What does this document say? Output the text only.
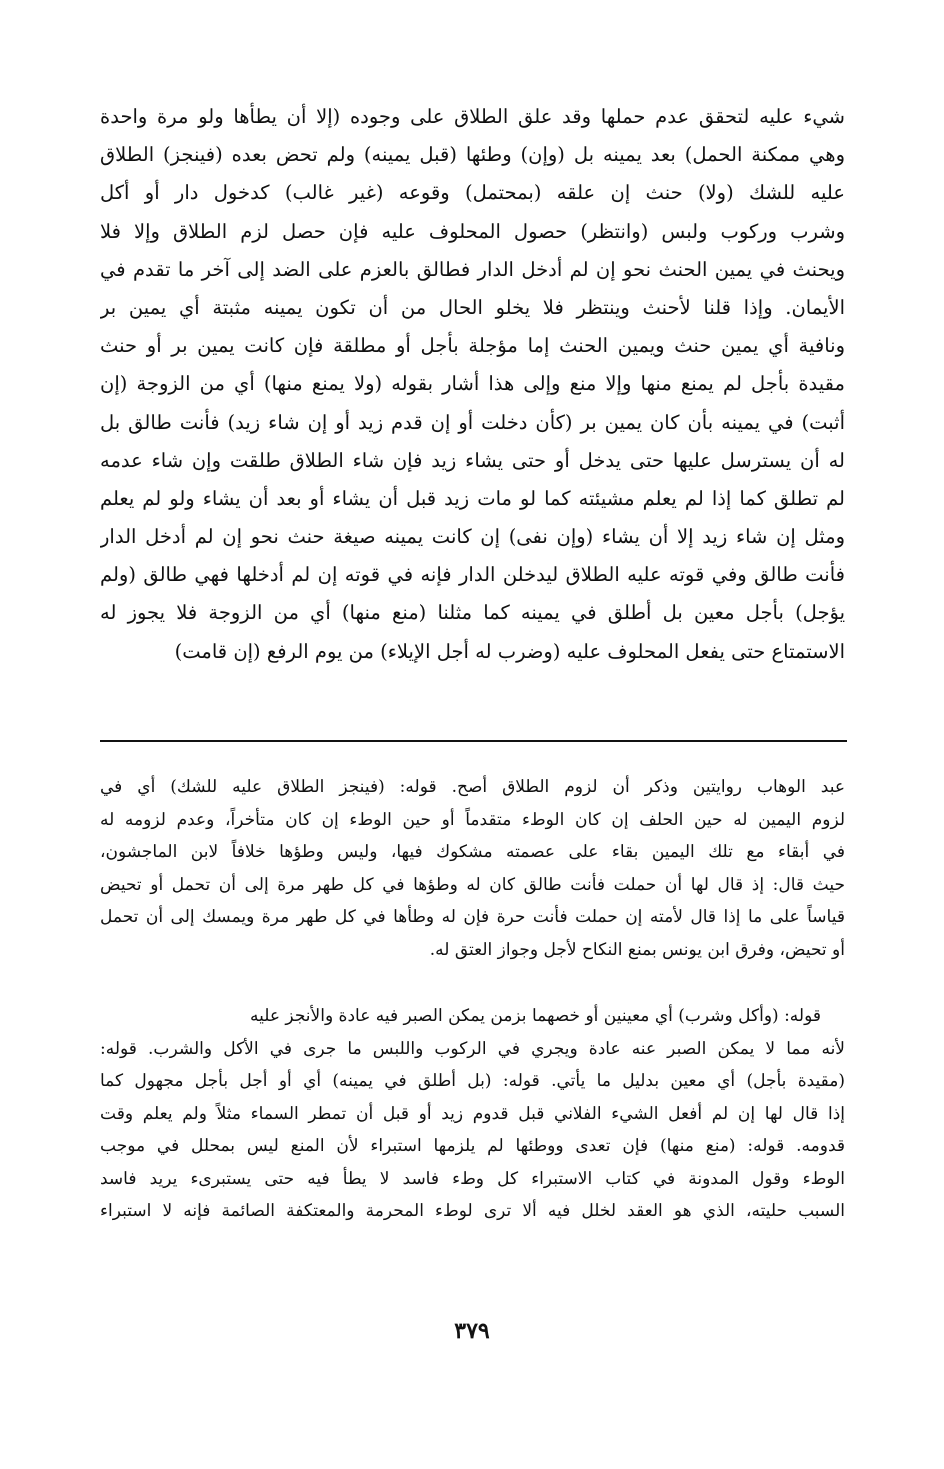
شيء عليه لتحقق عدم حملها وقد علق الطلاق على وجوده (إلا أن يطأها ولو مرة واحدة
وهي ممكنة الحمل) بعد يمينه بل (وإن) وطئها (قبل يمينه) ولم تحض بعده (فينجز) الطلاق
عليه للشك (ولا) حنث إن علقه (بمحتمل) وقوعه (غير غالب) كدخول دار أو أكل
وشرب وركوب ولبس (وانتظر) حصول المحلوف عليه فإن حصل لزم الطلاق وإلا فلا
ويحنث في يمين الحنث نحو إن لم أدخل الدار فطالق بالعزم على الضد إلى آخر ما تقدم في
الأيمان. وإذا قلنا لأحنث وينتظر فلا يخلو الحال من أن تكون يمينه مثبتة أي يمين بر
ونافية أي يمين حنث ويمين الحنث إما مؤجلة بأجل أو مطلقة فإن كانت يمين بر أو حنث
مقيدة بأجل لم يمنع منها وإلا منع وإلى هذا أشار بقوله (ولا يمنع منها) أي من الزوجة (إن
أثبت) في يمينه بأن كان يمين بر (كأن دخلت أو إن قدم زيد أو إن شاء زيد) فأنت طالق بل
له أن يسترسل عليها حتى يدخل أو حتى يشاء زيد فإن شاء الطلاق طلقت وإن شاء عدمه
لم تطلق كما إذا لم يعلم مشيئته كما لو مات زيد قبل أن يشاء أو بعد أن يشاء ولو لم يعلم
ومثل إن شاء زيد إلا أن يشاء (وإن نفى) إن كانت يمينه صيغة حنث نحو إن لم أدخل الدار
فأنت طالق وفي قوته عليه الطلاق ليدخلن الدار فإنه في قوته إن لم أدخلها فهي طالق (ولم
يؤجل) بأجل معين بل أطلق في يمينه كما مثلنا (منع منها) أي من الزوجة فلا يجوز له
الاستمتاع حتى يفعل المحلوف عليه (وضرب له أجل الإيلاء) من يوم الرفع (إن قامت)
عبد الوهاب روايتين وذكر أن لزوم الطلاق أصح. قوله: (فينجز الطلاق عليه للشك) أي في
لزوم اليمين له حين الحلف إن كان الوطء متقدماً أو حين الوطء إن كان متأخراً، وعدم لزومه له
في أبقاء مع تلك اليمين بقاء على عصمته مشكوك فيها، وليس وطؤها خلافاً لابن الماجشون،
حيث قال: إذ قال لها أن حملت فأنت طالق كان له وطؤها في كل طهر مرة إلى أن تحمل أو تحيض
قياساً على ما إذا قال لأمته إن حملت فأنت حرة فإن له وطأها في كل طهر مرة ويمسك إلى أن تحمل
أو تحيض، وفرق ابن يونس بمنع النكاح لأجل وجواز العتق له.
قوله: (وأكل وشرب) أي معينين أو خصهما بزمن يمكن الصبر فيه عادة والأنجز عليه
لأنه مما لا يمكن الصبر عنه عادة ويجري في الركوب واللبس ما جرى في الأكل والشرب. قوله:
(مقيدة بأجل) أي معين بدليل ما يأتي. قوله: (بل أطلق في يمينه) أي أو أجل بأجل مجهول كما
إذا قال لها إن لم أفعل الشيء الفلاني قبل قدوم زيد أو قبل أن تمطر السماء مثلاً ولم يعلم وقت
قدومه. قوله: (منع منها) فإن تعدى ووطئها لم يلزمها استبراء لأن المنع ليس بمحلل في موجب
الوطء وقول المدونة في كتاب الاستبراء كل وطء فاسد لا يطأ فيه حتى يستبرىء يريد فاسد
السبب حليته، الذي هو العقد لخلل فيه ألا ترى لوطء المحرمة والمعتكفة الصائمة فإنه لا استبراء
٣٧٩
